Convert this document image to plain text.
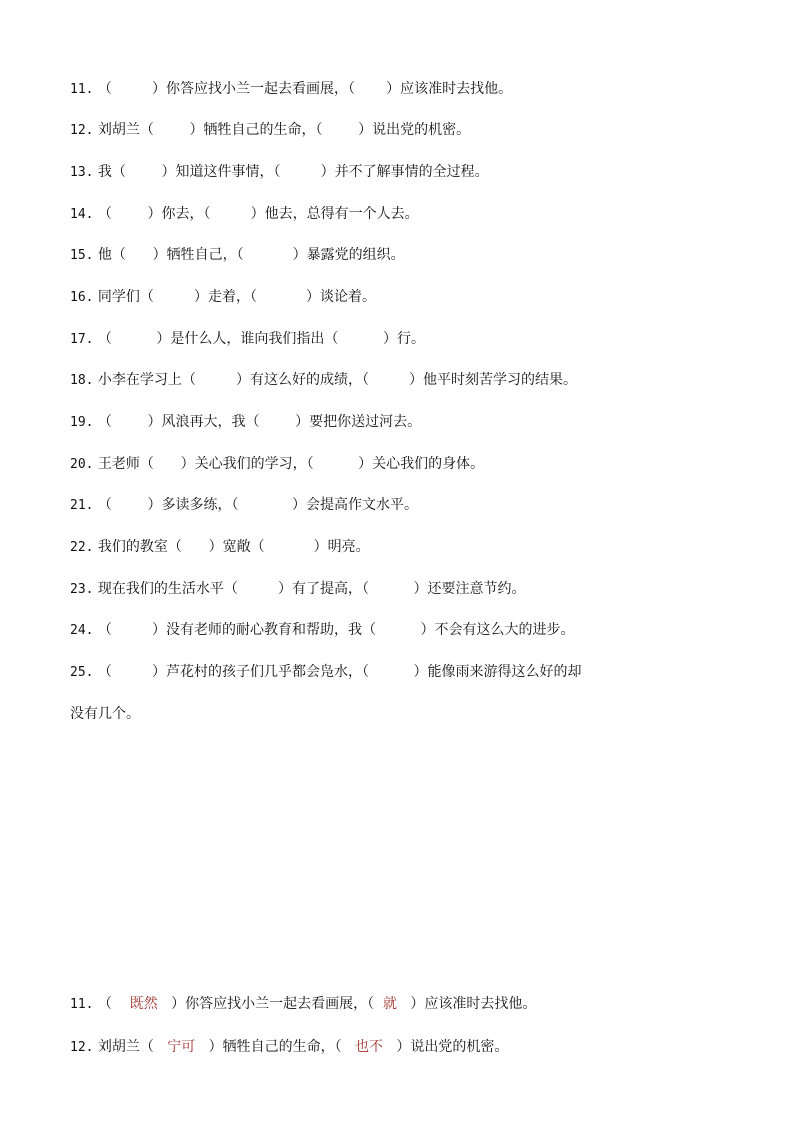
11. （         ）你答应找小兰一起去看画展，（       ）应该准时去找他。
12. 刘胡兰（        ）牺牲自己的生命，（        ）说出党的机密。
13. 我（        ）知道这件事情，（         ）并不了解事情的全过程。
14. （        ）你去，（         ）他去，总得有一个人去。
15. 他（      ）牺牲自己，（           ）暴露党的组织。
16. 同学们（         ）走着，（           ）谈论着。
17. （          ）是什么人，谁向我们指出（          ）行。
18. 小李在学习上（         ）有这么好的成绩，（         ）他平时刻苦学习的结果。
19. （        ）风浪再大，我（        ）要把你送过河去。
20. 王老师（      ）关心我们的学习，（          ）关心我们的身体。
21. （        ）多读多练，（            ）会提高作文水平。
22. 我们的教室（      ）宽敞（           ）明亮。
23. 现在我们的生活水平（         ）有了提高，（          ）还要注意节约。
24. （         ）没有老师的耐心教育和帮助，我（          ）不会有这么大的进步。
25. （         ）芦花村的孩子们几乎都会凫水，（          ）能像雨来游得这么好的却
没有几个。
11. （    既然   ）你答应找小兰一起去看画展，（  就   ）应该准时去找他。
12. 刘胡兰（   宁可   ）牺牲自己的生命，（   也不   ）说出党的机密。
